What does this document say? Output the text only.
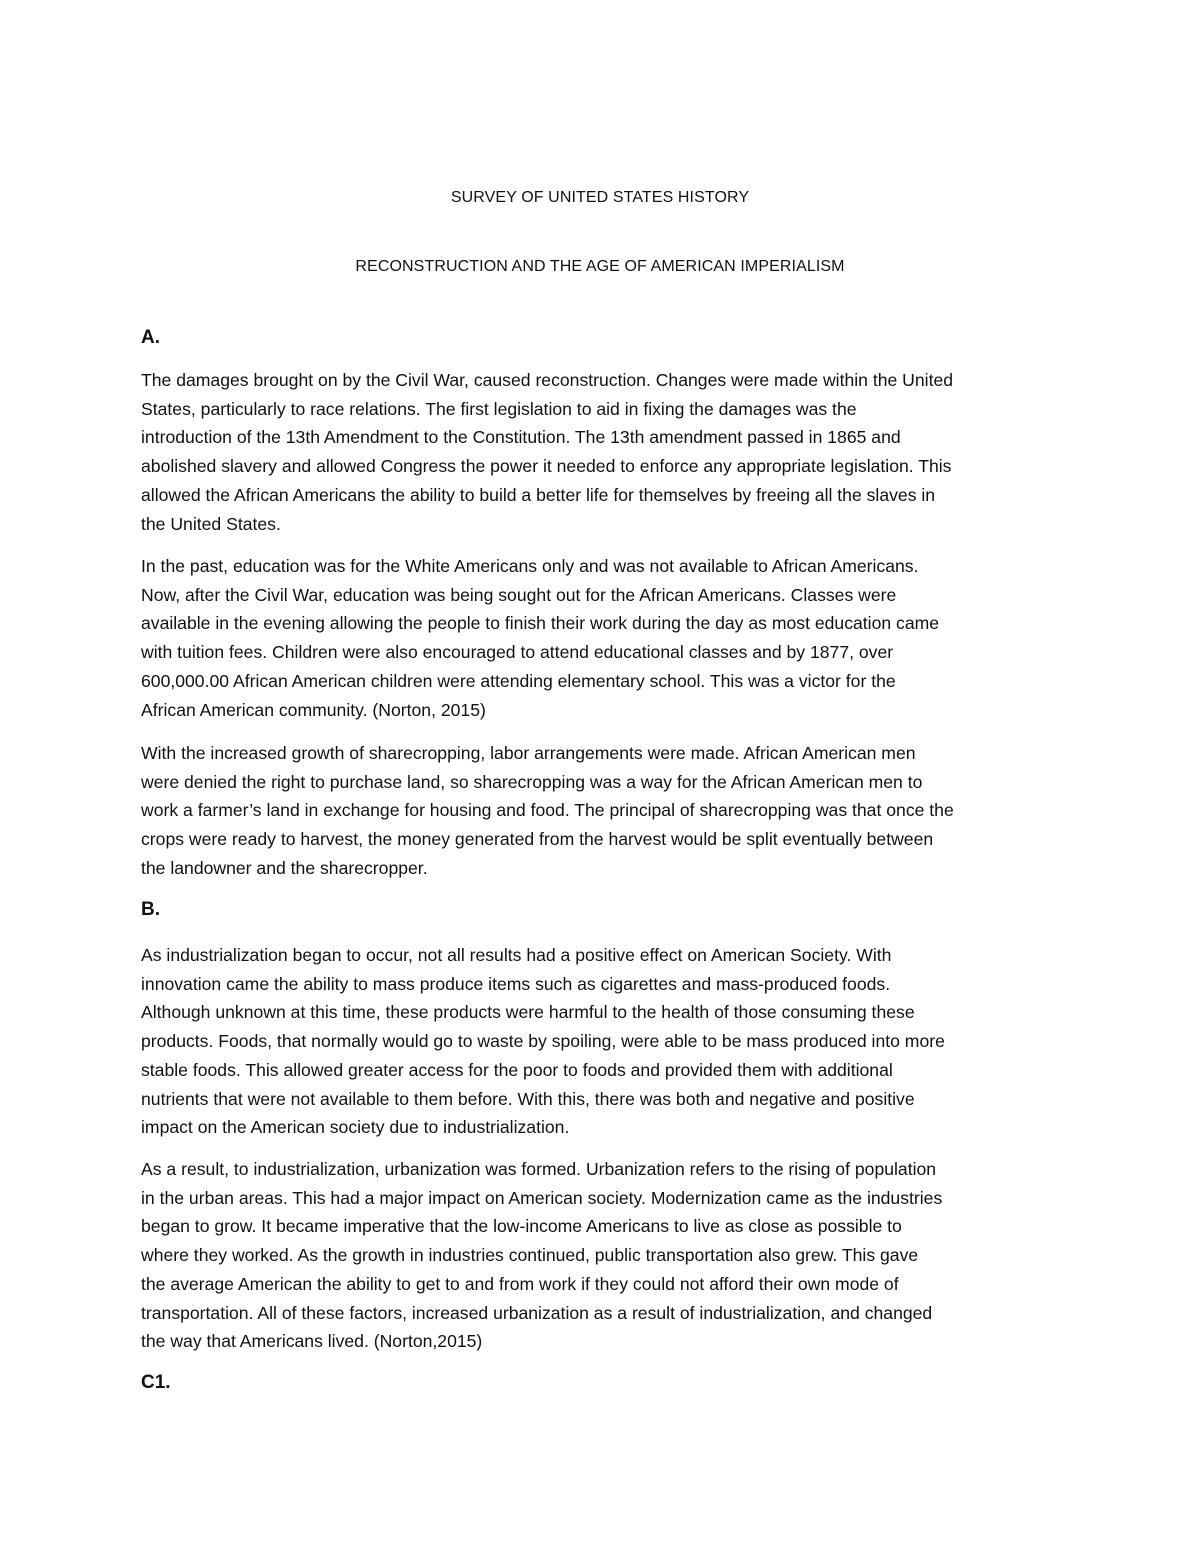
SURVEY OF UNITED STATES HISTORY
RECONSTRUCTION AND THE AGE OF AMERICAN IMPERIALISM
A.

The damages brought on by the Civil War, caused reconstruction. Changes were made within the United
States, particularly to race relations. The first legislation to aid in fixing the damages was the
introduction of the 13th Amendment to the Constitution. The 13th amendment passed in 1865 and
abolished slavery and allowed Congress the power it needed to enforce any appropriate legislation. This
allowed the African Americans the ability to build a better life for themselves by freeing all the slaves in
the United States.

In the past, education was for the White Americans only and was not available to African Americans.
Now, after the Civil War, education was being sought out for the African Americans. Classes were
available in the evening allowing the people to finish their work during the day as most education came
with tuition fees. Children were also encouraged to attend educational classes and by 1877, over
600,000.00 African American children were attending elementary school. This was a victor for the
African American community. (Norton, 2015)

With the increased growth of sharecropping, labor arrangements were made. African American men
were denied the right to purchase land, so sharecropping was a way for the African American men to
work a farmer’s land in exchange for housing and food. The principal of sharecropping was that once the
crops were ready to harvest, the money generated from the harvest would be split eventually between
the landowner and the sharecropper.

B.

As industrialization began to occur, not all results had a positive effect on American Society. With
innovation came the ability to mass produce items such as cigarettes and mass-produced foods.
Although unknown at this time, these products were harmful to the health of those consuming these
products. Foods, that normally would go to waste by spoiling, were able to be mass produced into more
stable foods. This allowed greater access for the poor to foods and provided them with additional
nutrients that were not available to them before. With this, there was both and negative and positive
impact on the American society due to industrialization.

As a result, to industrialization, urbanization was formed. Urbanization refers to the rising of population
in the urban areas. This had a major impact on American society. Modernization came as the industries
began to grow. It became imperative that the low-income Americans to live as close as possible to
where they worked. As the growth in industries continued, public transportation also grew. This gave
the average American the ability to get to and from work if they could not afford their own mode of
transportation. All of these factors, increased urbanization as a result of industrialization, and changed
the way that Americans lived. (Norton,2015)

C1.
